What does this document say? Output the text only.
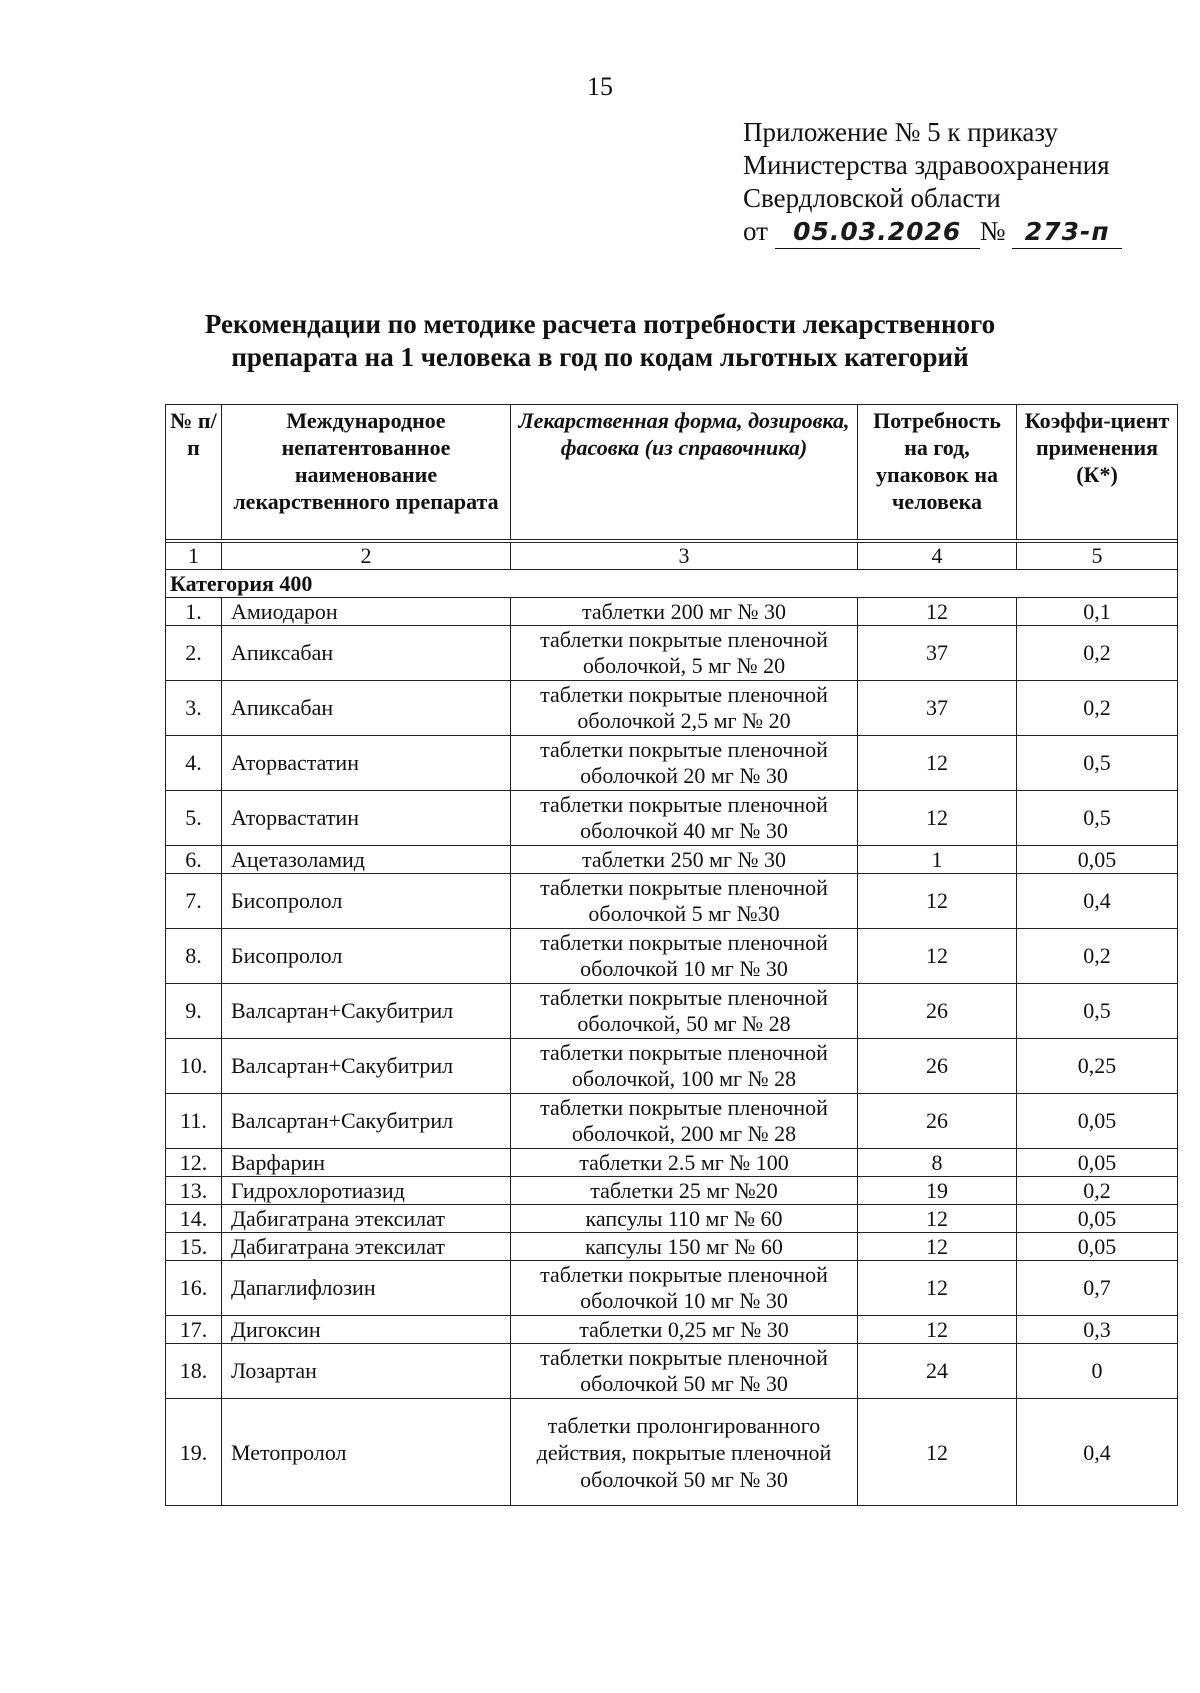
15
Приложение № 5 к приказу
Министерства здравоохранения
Свердловской области
от 05.03.2026 № 273-п
Рекомендации по методике расчета потребности лекарственного
препарата на 1 человека в год по кодам льготных категорий
№ п/п	Международное непатентованное наименование лекарственного препарата	Лекарственная форма, дозировка, фасовка (из справочника)	Потребность на год, упаковок на человека	Коэффи-циент применения (К*)

1	2	3	4	5
Категория 400				
1.	Амиодарон	таблетки 200 мг № 30	12	0,1
2.	Апиксабан	таблетки покрытые пленочной оболочкой, 5 мг № 20	37	0,2
3.	Апиксабан	таблетки покрытые пленочной оболочкой 2,5 мг № 20	37	0,2
4.	Аторвастатин	таблетки покрытые пленочной оболочкой 20 мг № 30	12	0,5
5.	Аторвастатин	таблетки покрытые пленочной оболочкой 40 мг № 30	12	0,5
6.	Ацетазоламид	таблетки 250 мг № 30	1	0,05
7.	Бисопролол	таблетки покрытые пленочной оболочкой 5 мг №30	12	0,4
8.	Бисопролол	таблетки покрытые пленочной оболочкой 10 мг № 30	12	0,2
9.	Валсартан+Сакубитрил	таблетки покрытые пленочной оболочкой, 50 мг № 28	26	0,5
10.	Валсартан+Сакубитрил	таблетки покрытые пленочной оболочкой, 100 мг № 28	26	0,25
11.	Валсартан+Сакубитрил	таблетки покрытые пленочной оболочкой, 200 мг № 28	26	0,05
12.	Варфарин	таблетки 2.5 мг № 100	8	0,05
13.	Гидрохлоротиазид	таблетки 25 мг №20	19	0,2
14.	Дабигатрана этексилат	капсулы 110 мг № 60	12	0,05
15.	Дабигатрана этексилат	капсулы 150 мг № 60	12	0,05
16.	Дапаглифлозин	таблетки покрытые пленочной оболочкой 10 мг № 30	12	0,7
17.	Дигоксин	таблетки 0,25 мг № 30	12	0,3
18.	Лозартан	таблетки покрытые пленочной оболочкой 50 мг № 30	24	0
19.	Метопролол	таблетки пролонгированного действия, покрытые пленочной оболочкой 50 мг № 30	12	0,4
